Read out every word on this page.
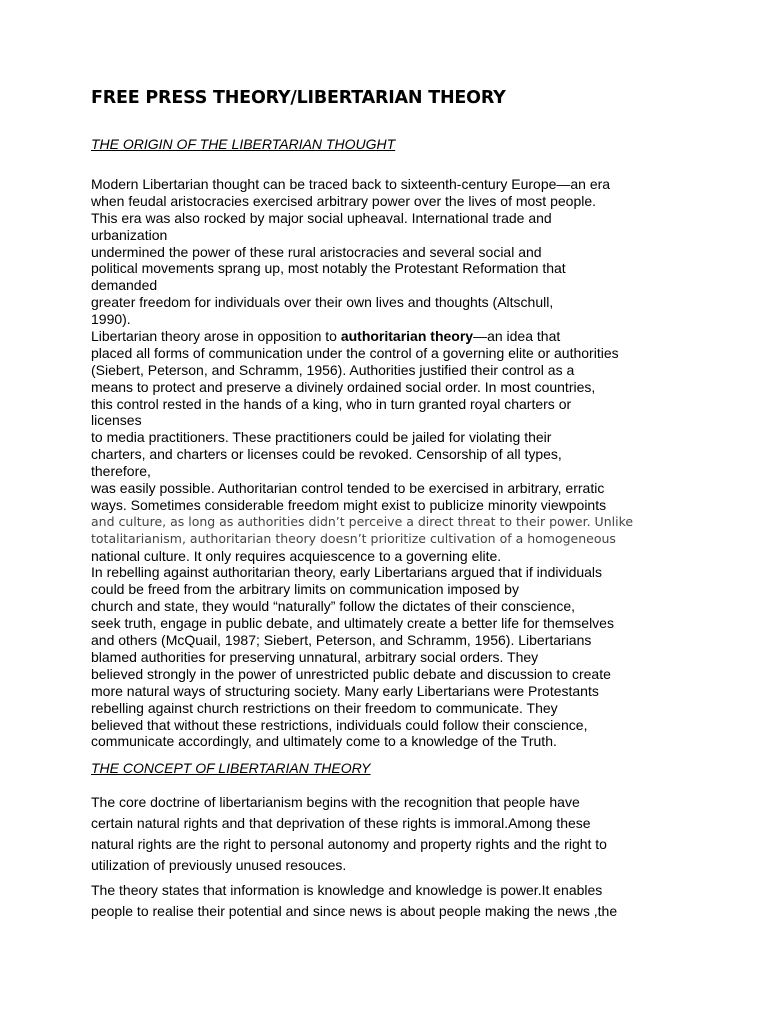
FREE PRESS THEORY/LIBERTARIAN THEORY
THE ORIGIN OF THE LIBERTARIAN THOUGHT
Modern Libertarian thought can be traced back to sixteenth-century Europe—an era
when feudal aristocracies exercised arbitrary power over the lives of most people.
This era was also rocked by major social upheaval. International trade and
urbanization
undermined the power of these rural aristocracies and several social and
political movements sprang up, most notably the Protestant Reformation that
demanded
greater freedom for individuals over their own lives and thoughts (Altschull,
1990).
Libertarian theory arose in opposition to authoritarian theory—an idea that
placed all forms of communication under the control of a governing elite or authorities
(Siebert, Peterson, and Schramm, 1956). Authorities justified their control as a
means to protect and preserve a divinely ordained social order. In most countries,
this control rested in the hands of a king, who in turn granted royal charters or
licenses
to media practitioners. These practitioners could be jailed for violating their
charters, and charters or licenses could be revoked. Censorship of all types,
therefore,
was easily possible. Authoritarian control tended to be exercised in arbitrary, erratic
ways. Sometimes considerable freedom might exist to publicize minority viewpoints
and culture, as long as authorities didn’t perceive a direct threat to their power. Unlike
totalitarianism, authoritarian theory doesn’t prioritize cultivation of a homogeneous
national culture. It only requires acquiescence to a governing elite.
In rebelling against authoritarian theory, early Libertarians argued that if individuals
could be freed from the arbitrary limits on communication imposed by
church and state, they would “naturally” follow the dictates of their conscience,
seek truth, engage in public debate, and ultimately create a better life for themselves
and others (McQuail, 1987; Siebert, Peterson, and Schramm, 1956). Libertarians
blamed authorities for preserving unnatural, arbitrary social orders. They
believed strongly in the power of unrestricted public debate and discussion to create
more natural ways of structuring society. Many early Libertarians were Protestants
rebelling against church restrictions on their freedom to communicate. They
believed that without these restrictions, individuals could follow their conscience,
communicate accordingly, and ultimately come to a knowledge of the Truth.
THE CONCEPT OF LIBERTARIAN THEORY
The core doctrine of libertarianism begins with the recognition that people have
certain natural rights and that deprivation of these rights is immoral.Among these
natural rights are the right to personal autonomy and property rights and the right to
utilization of previously unused resouces.
The theory states that information is knowledge and knowledge is power.It enables
people to realise their potential and since news is about people making the news ,the
